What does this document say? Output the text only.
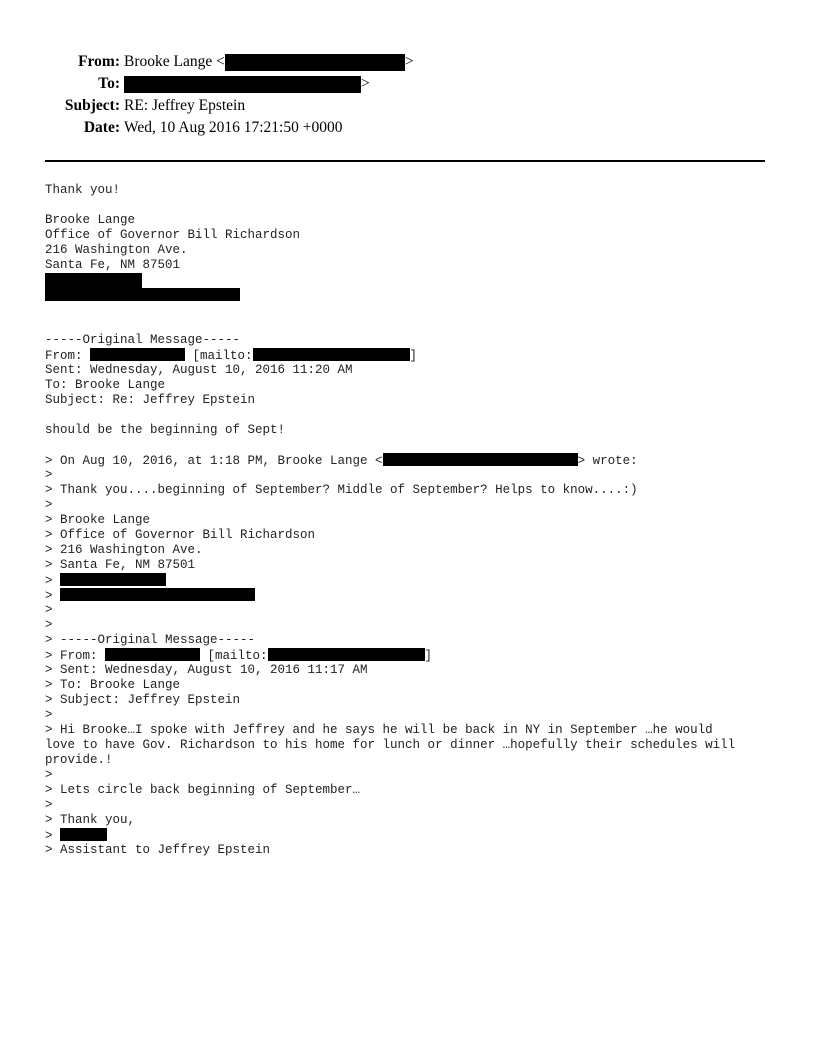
From: Brooke Lange <	>
To:	>
Subject: RE: Jeffrey Epstein
Date: Wed, 10 Aug 2016 17:21:50 +0000
Thank you!
Brooke Lange
Office of Governor Bill Richardson
216 Washington Ave.
Santa Fe, NM 87501
-----Original Message-----
From:	[mailto:	]
Sent: Wednesday, August 10, 2016 11:20 AM
To: Brooke Lange
Subject: Re: Jeffrey Epstein
should be the beginning of Sept!
> On Aug 10, 2016, at 1:18 PM, Brooke Lange <	> wrote:
>
> Thank you....beginning of September? Middle of September? Helps to know....:)
>
> Brooke Lange
> Office of Governor Bill Richardson
> 216 Washington Ave.
> Santa Fe, NM 87501
>
>
>
>
> -----Original Message-----
> From:	[mailto:	]
> Sent: Wednesday, August 10, 2016 11:17 AM
> To: Brooke Lange
> Subject: Jeffrey Epstein
>
> Hi Brooke…I spoke with Jeffrey and he says he will be back in NY in September …he would
love to have Gov. Richardson to his home for lunch or dinner …hopefully their schedules will
provide.!
>
> Lets circle back beginning of September…
>
> Thank you,
>
> Assistant to Jeffrey Epstein
